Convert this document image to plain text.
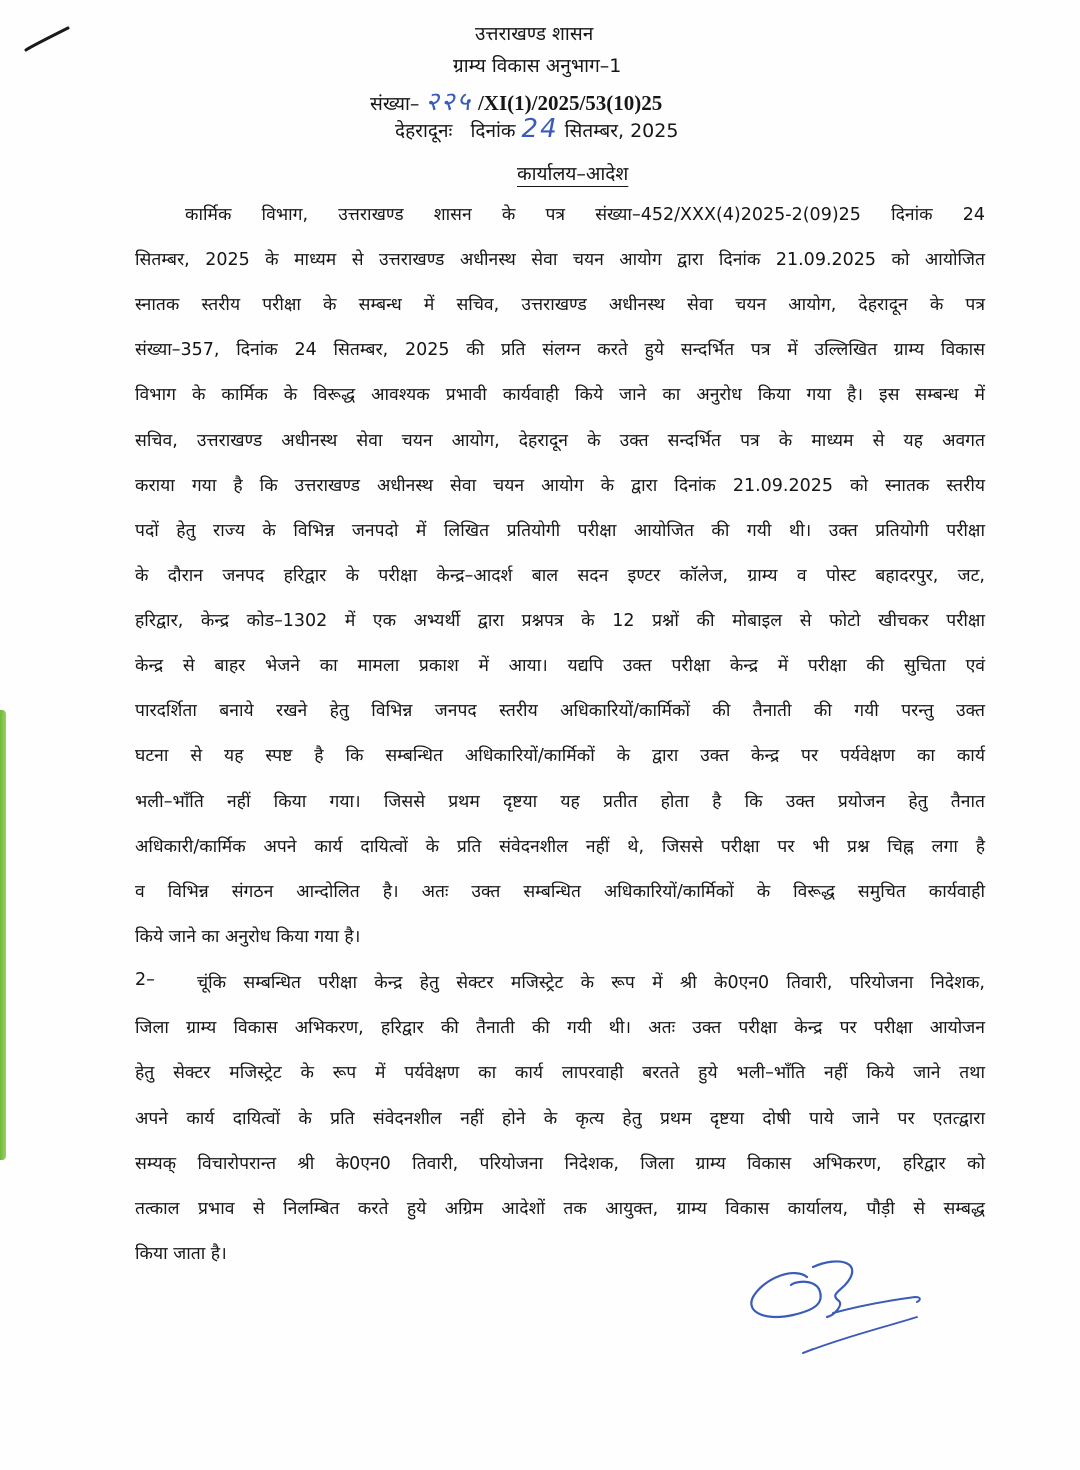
उत्तराखण्ड शासन
ग्राम्य विकास अनुभाग–1
संख्या– २२५ /XI(1)/2025/53(10)25
देहरादूनः   दिनांक 24 सितम्बर, 2025
कार्यालय–आदेश
कार्मिक विभाग, उत्तराखण्ड शासन के पत्र संख्या–452/XXX(4)2025-2(09)25 दिनांक 24
सितम्बर, 2025 के माध्यम से उत्तराखण्ड अधीनस्थ सेवा चयन आयोग द्वारा दिनांक 21.09.2025 को आयोजित
स्नातक स्तरीय परीक्षा के सम्बन्ध में सचिव, उत्तराखण्ड अधीनस्थ सेवा चयन आयोग, देहरादून के पत्र
संख्या–357, दिनांक 24 सितम्बर, 2025 की प्रति संलग्न करते हुये सन्दर्भित पत्र में उल्लिखित ग्राम्य विकास
विभाग के कार्मिक के विरूद्ध आवश्यक प्रभावी कार्यवाही किये जाने का अनुरोध किया गया है। इस सम्बन्ध में
सचिव, उत्तराखण्ड अधीनस्थ सेवा चयन आयोग, देहरादून के उक्त सन्दर्भित पत्र के माध्यम से यह अवगत
कराया गया है कि उत्तराखण्ड अधीनस्थ सेवा चयन आयोग के द्वारा दिनांक 21.09.2025 को स्नातक स्तरीय
पदों हेतु राज्य के विभिन्न जनपदो में लिखित प्रतियोगी परीक्षा आयोजित की गयी थी। उक्त प्रतियोगी परीक्षा
के दौरान जनपद हरिद्वार के परीक्षा केन्द्र–आदर्श बाल सदन इण्टर कॉलेज, ग्राम्य व पोस्ट बहादरपुर, जट,
हरिद्वार, केन्द्र कोड–1302 में एक अभ्यर्थी द्वारा प्रश्नपत्र के 12 प्रश्नों की मोबाइल से फोटो खीचकर परीक्षा
केन्द्र से बाहर भेजने का मामला प्रकाश में आया। यद्यपि उक्त परीक्षा केन्द्र में परीक्षा की सुचिता एवं
पारदर्शिता बनाये रखने हेतु विभिन्न जनपद स्तरीय अधिकारियों/कार्मिकों की तैनाती की गयी परन्तु उक्त
घटना से यह स्पष्ट है कि सम्बन्धित अधिकारियों/कार्मिकों के द्वारा उक्त केन्द्र पर पर्यवेक्षण का कार्य
भली–भाँति नहीं किया गया। जिससे प्रथम दृष्टया यह प्रतीत होता है कि उक्त प्रयोजन हेतु तैनात
अधिकारी/कार्मिक अपने कार्य दायित्वों के प्रति संवेदनशील नहीं थे, जिससे परीक्षा पर भी प्रश्न चिह्न लगा है
व विभिन्न संगठन आन्दोलित है। अतः उक्त सम्बन्धित अधिकारियों/कार्मिकों के विरूद्ध समुचित कार्यवाही
किये जाने का अनुरोध किया गया है।
2– चूंकि सम्बन्धित परीक्षा केन्द्र हेतु सेक्टर मजिस्ट्रेट के रूप में श्री के0एन0 तिवारी, परियोजना निदेशक,
जिला ग्राम्य विकास अभिकरण, हरिद्वार की तैनाती की गयी थी। अतः उक्त परीक्षा केन्द्र पर परीक्षा आयोजन
हेतु सेक्टर मजिस्ट्रेट के रूप में पर्यवेक्षण का कार्य लापरवाही बरतते हुये भली–भाँति नहीं किये जाने तथा
अपने कार्य दायित्वों के प्रति संवेदनशील नहीं होने के कृत्य हेतु प्रथम दृष्टया दोषी पाये जाने पर एतत्द्वारा
सम्यक् विचारोपरान्त श्री के0एन0 तिवारी, परियोजना निदेशक, जिला ग्राम्य विकास अभिकरण, हरिद्वार को
तत्काल प्रभाव से निलम्बित करते हुये अग्रिम आदेशों तक आयुक्त, ग्राम्य विकास कार्यालय, पौड़ी से सम्बद्ध
किया जाता है।
